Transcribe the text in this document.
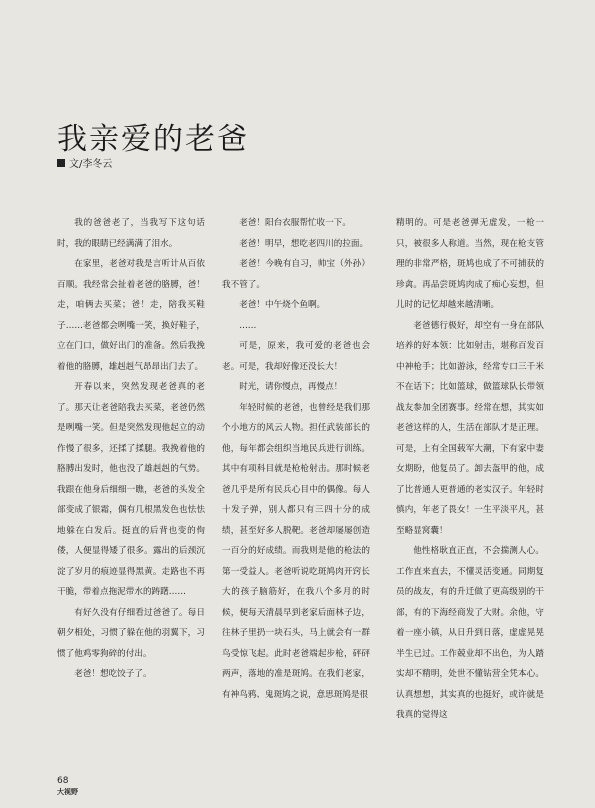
我亲爱的老爸
文/李冬云

我的爸爸老了，当我写下这句话时，我的眼睛已经满满了泪水。

在家里，老爸对我是言听计从百依百顺。我经常会扯着老爸的胳膊，爸！走，咱俩去买菜；爸！走，陪我买鞋子……老爸都会咧嘴一笑，换好鞋子，立在门口，做好出门的准备。然后我挽着他的胳膊，雄赳赳气昂昂出门去了。

开春以来，突然发现老爸真的老了。那天让老爸陪我去买菜，老爸仍然是咧嘴一笑。但是突然发现他起立的动作慢了很多，还揉了揉腿。我挽着他的胳膊出发时，他也没了雄赳赳的气势。我跟在他身后细细一瞧，老爸的头发全部变成了银霜，偶有几根黑发色也怯怯地躲在白发后。挺直的后背也变的佝偻，人便显得矮了很多。露出的后颈沉淀了岁月的痕迹显得黑黄。走路也不再干脆，带着点拖泥带水的踌躇……

有好久没有仔细看过爸爸了。每日朝夕相处，习惯了躲在他的羽翼下，习惯了他鸡零狗碎的付出。

老爸！想吃饺子了。

老爸！阳台衣服帮忙收一下。

老爸！明早，想吃老四川的拉面。

老爸！今晚有自习，帅宝（外孙）我不管了。

老爸！中午烧个鱼啊。

……

可是，原来，我可爱的老爸也会老。可是，我却好像还没长大！

时光，请你慢点，再慢点！

年轻时候的老爸，也曾经是我们那个小地方的风云人物。担任武装部长的他，每年都会组织当地民兵进行训练。其中有项科目就是枪枪射击。那时候老爸几乎是所有民兵心目中的偶像。每人十发子弹，别人都只有三四十分的成绩，甚至好多人脱靶。老爸却屡屡创造一百分的好成绩。而我则是他的枪法的第一受益人。老爸听说吃斑鸠肉开窍长大的孩子脑筋好，在我八个多月的时候，便每天清晨早到老家后面林子边，往林子里扔一块石头，马上就会有一群鸟受惊飞起。此时老爸端起步枪，砰砰两声，落地的准是斑鸠。在我们老家，有神鸟鸦、鬼斑鸠之说，意思斑鸠是很

精明的。可是老爸弹无虚发，一枪一只，被很多人称道。当然，现在枪支管理的非常严格，斑鸠也成了不可捕获的珍禽。再品尝斑鸠肉成了痴心妄想，但儿时的记忆却越来越清晰。

老爸德行极好，却空有一身在部队培养的好本领：比如射击，堪称百发百中神枪手；比如游泳，经常专口三千米不在话下；比如篮球，做篮球队长带领战友参加全团赛事。经常在想，其实如老爸这样的人，生活在部队才是正理。可是，上有全国载军大潮，下有家中妻女期盼，他复员了。卸去盔甲的他，成了比普通人更普通的老实汉子。年轻时慎内，年老了畏女！一生平淡平凡，甚至略显窝囊！

他性格耿直正直，不会揣测人心。工作直来直去，不懂灵活变通。同期复员的战友，有的升迁做了更高级别的干部，有的下海经商发了大财。余他，守着一座小镇，从日升到日落，虚虚晃晃半生已过。工作兢业却不出色，为人踏实却不精明，处世不懂钻营全凭本心。认真想想，其实真的也挺好，或许就是我真的觉得这

68
大视野
